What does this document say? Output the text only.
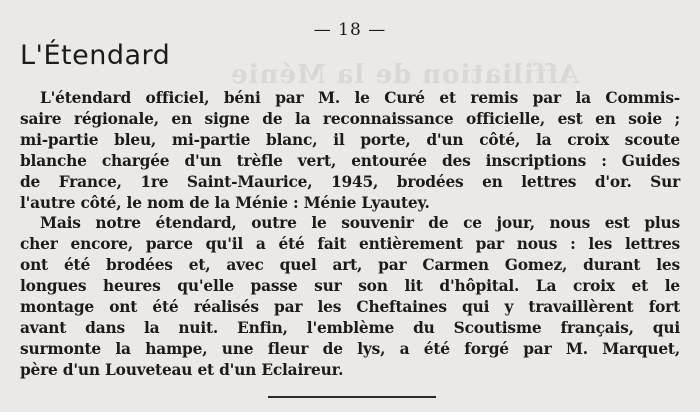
Affiliation de la Ménie
— 18 —
L'Étendard

L'étendard officiel, béni par M. le Curé et remis par la Commis-
saire régionale, en signe de la reconnaissance officielle, est en soie ;
mi-partie bleu, mi-partie blanc, il porte, d'un côté, la croix scoute
blanche chargée d'un trèfle vert, entourée des inscriptions : Guides
de France, 1re Saint-Maurice, 1945, brodées en lettres d'or. Sur
l'autre côté, le nom de la Ménie : Ménie Lyautey.

Mais notre étendard, outre le souvenir de ce jour, nous est plus
cher encore, parce qu'il a été fait entièrement par nous : les lettres
ont été brodées et, avec quel art, par Carmen Gomez, durant les
longues heures qu'elle passe sur son lit d'hôpital. La croix et le
montage ont été réalisés par les Cheftaines qui y travaillèrent fort
avant dans la nuit. Enfin, l'emblème du Scoutisme français, qui
surmonte la hampe, une fleur de lys, a été forgé par M. Marquet,
père d'un Louveteau et d'un Eclaireur.
